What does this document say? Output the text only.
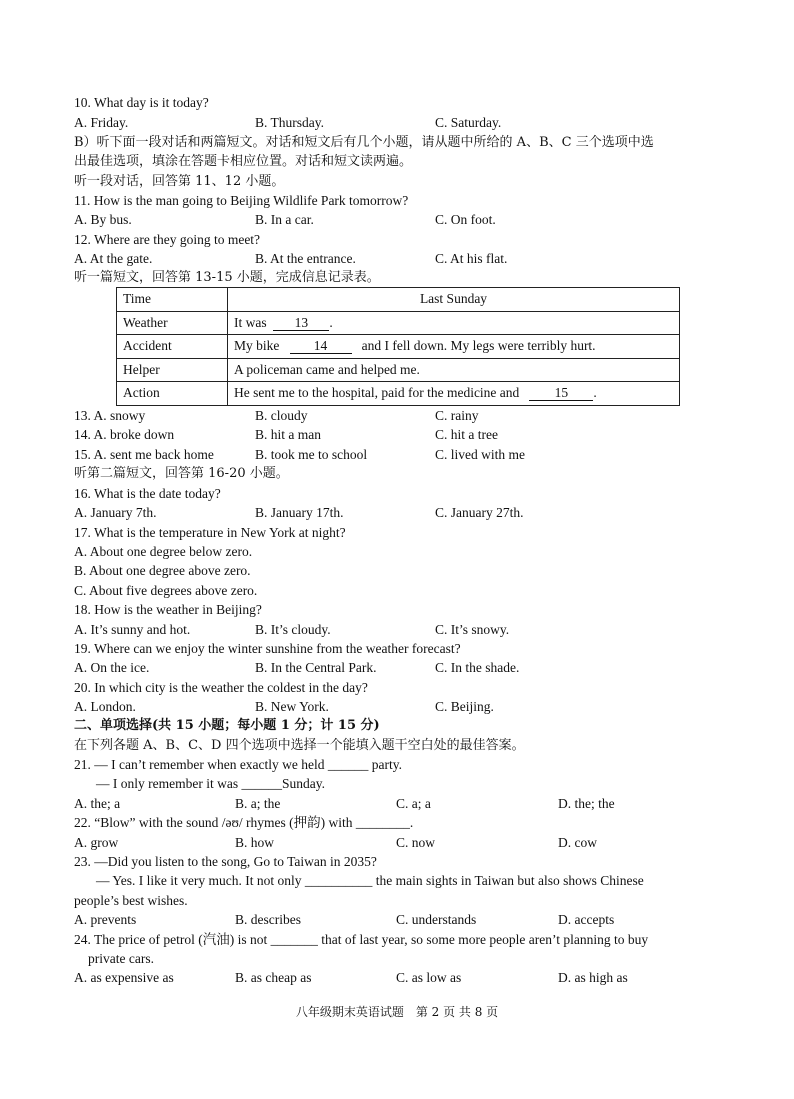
10. What day is it today?
A. Friday.	B. Thursday.	C. Saturday.
B）听下面一段对话和两篇短文。对话和短文后有几个小题，请从题中所给的 A、B、C 三个选项中选
出最佳选项，填涂在答题卡相应位置。对话和短文读两遍。
听一段对话，回答第 11、12 小题。
11. How is the man going to Beijing Wildlife Park tomorrow?
A. By bus.	B. In a car.	C. On foot.
12. Where are they going to meet?
A. At the gate.	B. At the entrance.	C. At his flat.
听一篇短文，回答第 13-15 小题，完成信息记录表。
Time	Last Sunday
Weather	It was 13 .
Accident	My bike 14 and I fell down. My legs were terribly hurt.
Helper	A policeman came and helped me.
Action	He sent me to the hospital, paid for the medicine and 15 .
13. A. snowy	B. cloudy	C. rainy
14. A. broke down	B. hit a man	C. hit a tree
15. A. sent me back home	B. took me to school	C. lived with me
听第二篇短文，回答第 16-20 小题。
16. What is the date today?
A. January 7th.	B. January 17th.	C. January 27th.
17. What is the temperature in New York at night?
A. About one degree below zero.
B. About one degree above zero.
C. About five degrees above zero.
18. How is the weather in Beijing?
A. It’s sunny and hot.	B. It’s cloudy.	C. It’s snowy.
19. Where can we enjoy the winter sunshine from the weather forecast?
A. On the ice.	B. In the Central Park.	C. In the shade.
20. In which city is the weather the coldest in the day?
A. London.	B. New York.	C. Beijing.
二、单项选择(共 15 小题；每小题 1 分；计 15 分)
在下列各题 A、B、C、D 四个选项中选择一个能填入题干空白处的最佳答案。
21. — I can’t remember when exactly we held ______ party.
— I only remember it was ______Sunday.
A. the; a	B. a; the	C. a; a	D. the; the
22. “Blow” with the sound /əʊ/ rhymes (押韵) with ________.
A. grow	B. how	C. now	D. cow
23. —Did you listen to the song, Go to Taiwan in 2035?
— Yes. I like it very much. It not only __________ the main sights in Taiwan but also shows Chinese
people’s best wishes.
A. prevents	B. describes	C. understands	D. accepts
24. The price of petrol (汽油) is not _______ that of last year, so some more people aren’t planning to buy
private cars.
A. as expensive as	B. as cheap as	C. as low as	D. as high as
八年级期末英语试题　第 2 页 共 8 页
